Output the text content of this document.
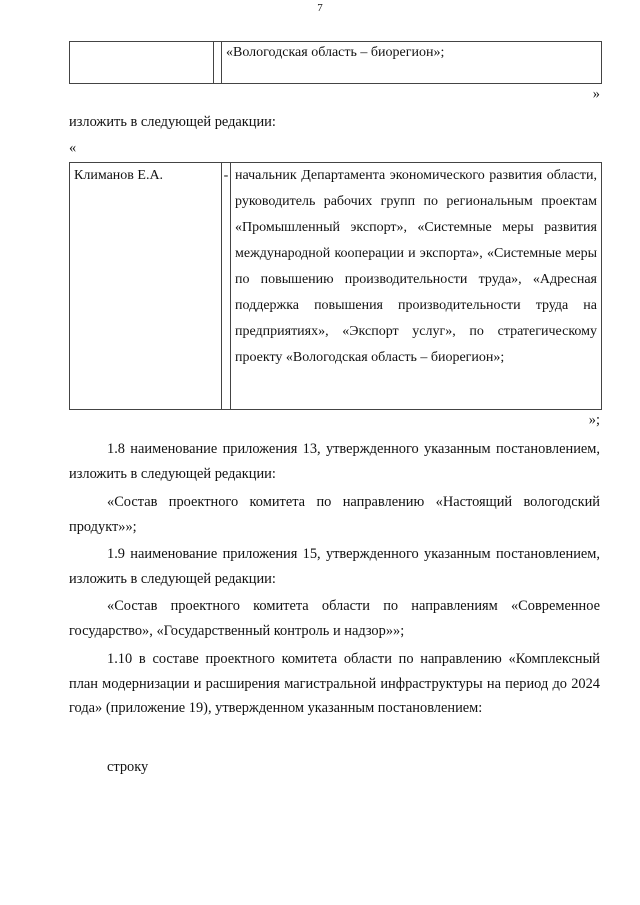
7
		«Вологодская область – биорегион»;
»
изложить в следующей редакции:
«
Климанов Е.А.	-	начальник Департамента экономического развития области, руководитель рабочих групп по региональным проектам «Промышленный экспорт», «Системные меры развития международной кооперации и экспорта», «Системные меры по повышению производительности труда», «Адресная поддержка повышения производительности труда на предприятиях», «Экспорт услуг», по стратегическому проекту «Вологодская область – биорегион»;
»;
1.8 наименование приложения 13, утвержденного указанным постановлением, изложить в следующей редакции:
«Состав проектного комитета по направлению «Настоящий вологодский продукт»»;
1.9 наименование приложения 15, утвержденного указанным постановлением, изложить в следующей редакции:
«Состав проектного комитета области по направлениям «Современное государство», «Государственный контроль и надзор»»;
1.10 в составе проектного комитета области по направлению «Комплексный план модернизации и расширения магистральной инфраструктуры на период до 2024 года» (приложение 19), утвержденном указанным постановлением:
строку
